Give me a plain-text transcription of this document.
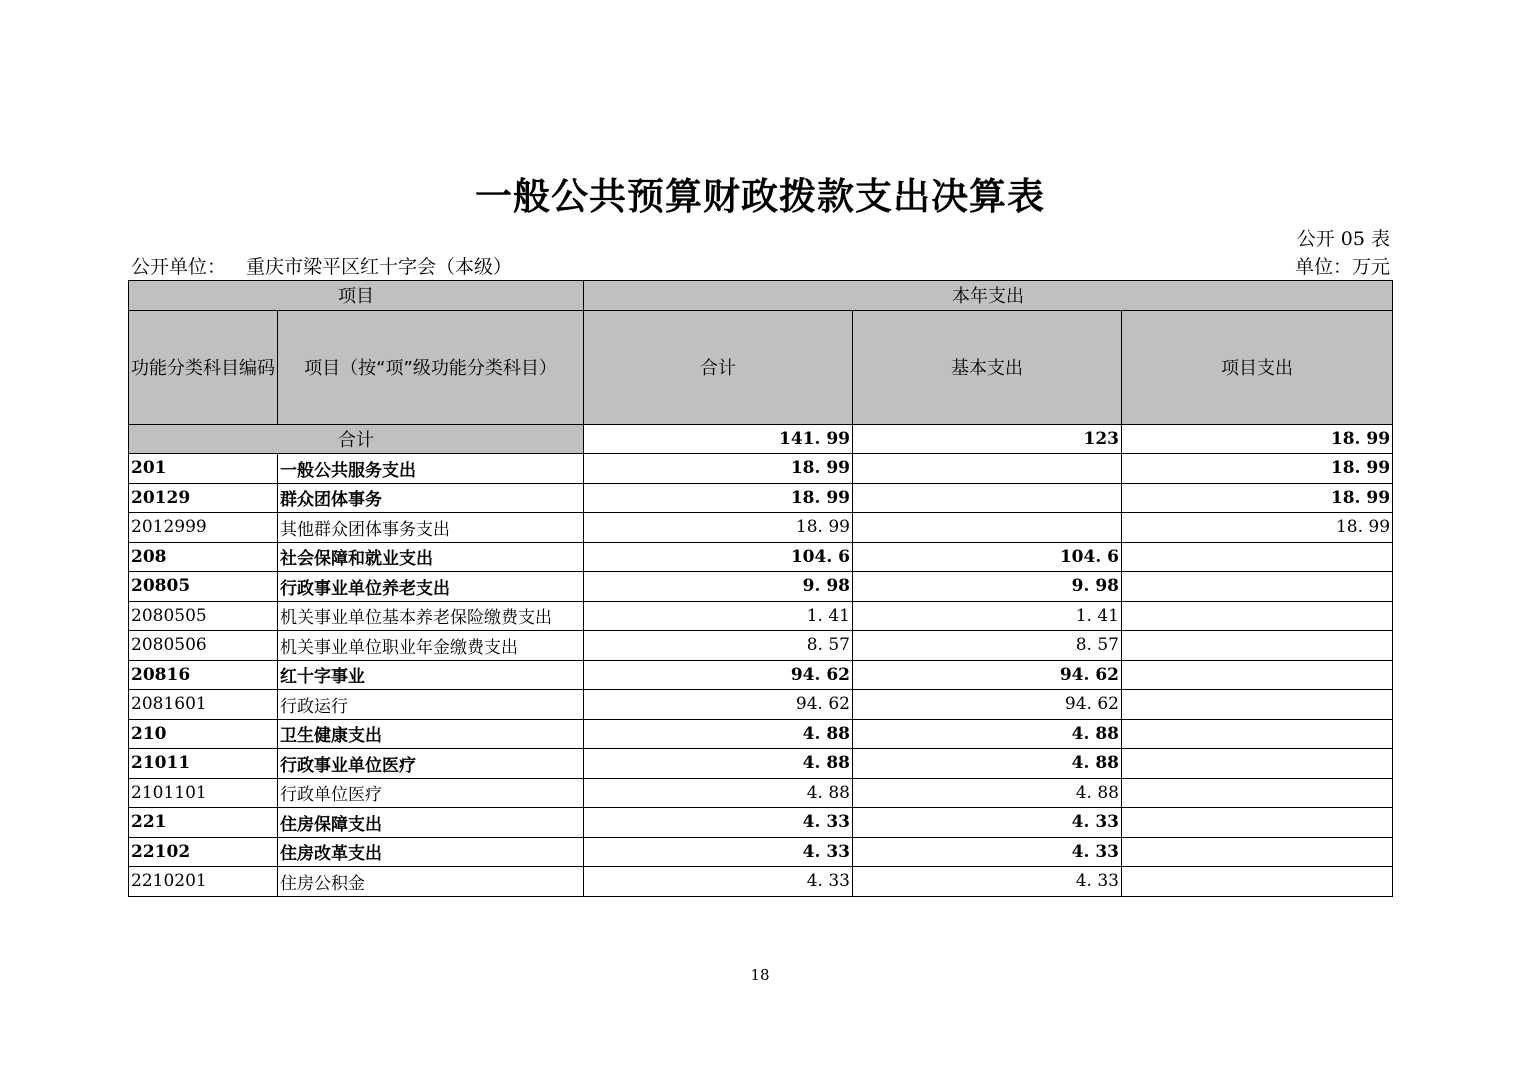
一般公共预算财政拨款支出决算表
公开 05 表
公开单位： 重庆市梁平区红十字会（本级）	单位：万元
项目		本年支出		
功能分类科目编码	项目（按“项”级功能分类科目）	合计	基本支出	项目支出
合计		141. 99	123	18. 99
201	一般公共服务支出	18. 99		18. 99
20129	群众团体事务	18. 99		18. 99
2012999	其他群众团体事务支出	18. 99		18. 99
208	社会保障和就业支出	104. 6	104. 6	
20805	行政事业单位养老支出	9. 98	9. 98	
2080505	机关事业单位基本养老保险缴费支出	1. 41	1. 41	
2080506	机关事业单位职业年金缴费支出	8. 57	8. 57	
20816	红十字事业	94. 62	94. 62	
2081601	行政运行	94. 62	94. 62	
210	卫生健康支出	4. 88	4. 88	
21011	行政事业单位医疗	4. 88	4. 88	
2101101	行政单位医疗	4. 88	4. 88	
221	住房保障支出	4. 33	4. 33	
22102	住房改革支出	4. 33	4. 33	
2210201	住房公积金	4. 33	4. 33	
18
